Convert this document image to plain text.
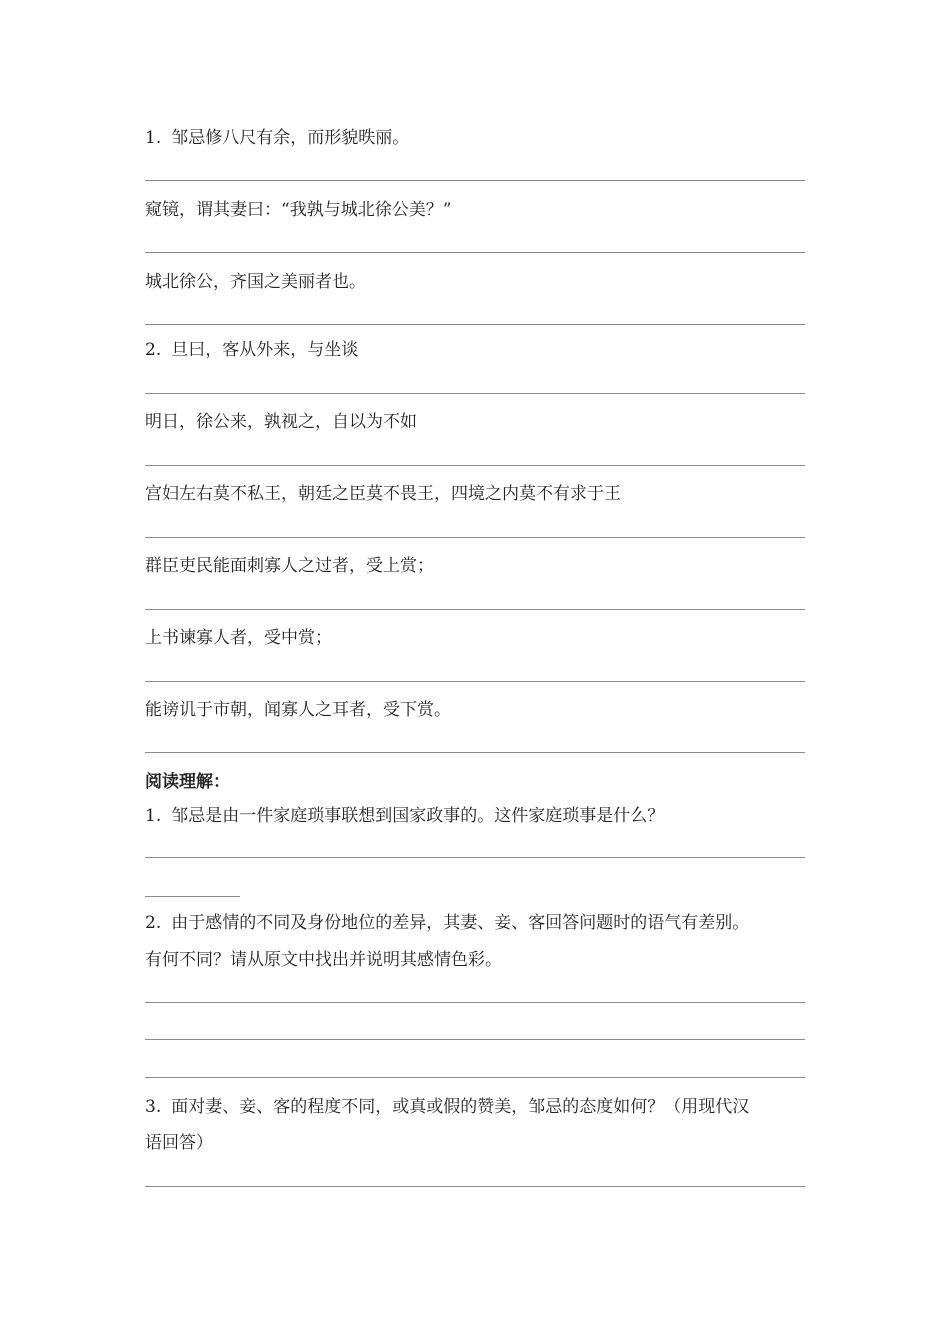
1. 邹忌修八尺有余，而形貌昳丽。
窥镜，谓其妻曰：“我孰与城北徐公美？”
城北徐公，齐国之美丽者也。
2. 旦曰，客从外来，与坐谈
明日，徐公来，孰视之，自以为不如
宫妇左右莫不私王，朝廷之臣莫不畏王，四境之内莫不有求于王
群臣吏民能面刺寡人之过者，受上赏；
上书谏寡人者，受中赏；
能谤讥于市朝，闻寡人之耳者，受下赏。
阅读理解：
1. 邹忌是由一件家庭琐事联想到国家政事的。这件家庭琐事是什么？
2. 由于感情的不同及身份地位的差异，其妻、妾、客回答问题时的语气有差别。
有何不同？请从原文中找出并说明其感情色彩。
3. 面对妻、妾、客的程度不同，或真或假的赞美，邹忌的态度如何？（用现代汉
语回答）
